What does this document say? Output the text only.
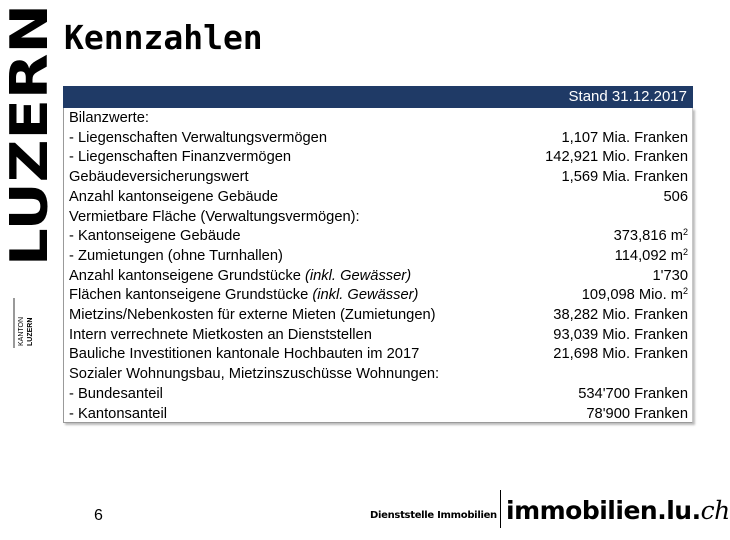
LUZERN
KANTON LUZERN
Kennzahlen
Stand 31.12.2017
Bilanzwerte:
- Liegenschaften Verwaltungsvermögen	1,107 Mia. Franken
- Liegenschaften Finanzvermögen	142,921 Mio. Franken
Gebäudeversicherungswert	1,569 Mia. Franken
Anzahl kantonseigene Gebäude	506
Vermietbare Fläche (Verwaltungsvermögen):
- Kantonseigene Gebäude	373,816 $m^2$
- Zumietungen (ohne Turnhallen)	114,092 $m^2$
Anzahl kantonseigene Grundstücke (inkl. Gewässer)	1'730
Flächen kantonseigene Grundstücke (inkl. Gewässer)	109,098 Mio. $m^2$
Mietzins/Nebenkosten für externe Mieten (Zumietungen)	38,282 Mio. Franken
Intern verrechnete Mietkosten an Dienststellen	93,039 Mio. Franken
Bauliche Investitionen kantonale Hochbauten im 2017	21,698 Mio. Franken
Sozialer Wohnungsbau, Mietzinszuschüsse Wohnungen:
- Bundesanteil	534'700 Franken
- Kantonsanteil	78'900 Franken
6	Dienststelle Immobilien immobilien.lu.ch
